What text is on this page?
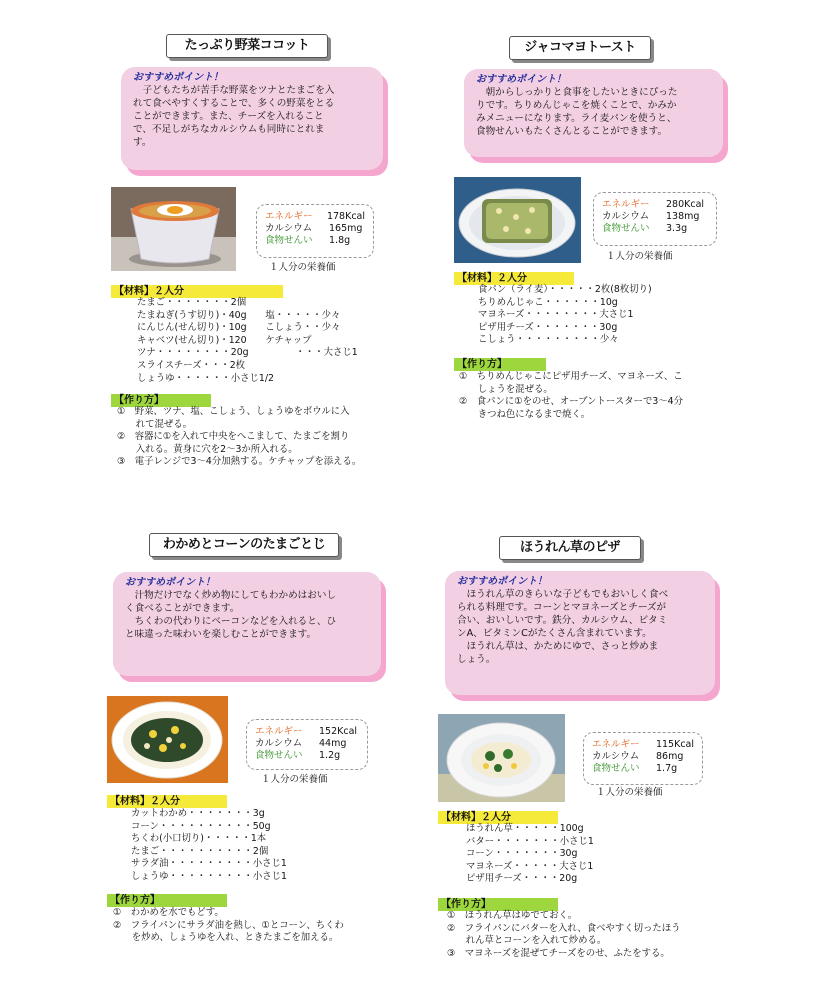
たっぷり野菜ココット
おすすめポイント！
　子どもたちが苦手な野菜をツナとたまごを入
れて食べやすくすることで、多くの野菜をとる
ことができます。また、チーズを入れること
で、不足しがちなカルシウムも同時にとれま
す。
エネルギー	178Kcal
カルシウム	165mg
食物せんい	1.8g
１人分の栄養価
【材料】２人分
たまご・・・・・・・2個
たまねぎ(うす切り)・40g　　塩・・・・・少々
にんじん(せん切り)・10g　　こしょう・・少々
キャベツ(せん切り)・120　　ケチャップ
ツナ・・・・・・・・20g　　　　　・・・大さじ1
スライスチーズ・・・2枚
しょうゆ・・・・・・小さじ1/2
【作り方】
①　野菜、ツナ、塩、こしょう、しょうゆをボウルに入
　　れて混ぜる。
②　容器に①を入れて中央をへこまして、たまごを割り
　　入れる。黄身に穴を2～3か所入れる。
③　電子レンジで3～4分加熱する。ケチャップを添える。
ジャコマヨトースト
おすすめポイント！
　朝からしっかりと食事をしたいときにぴった
りです。ちりめんじゃこを焼くことで、かみか
みメニューになります。ライ麦パンを使うと、
食物せんいもたくさんとることができます。
エネルギー	280Kcal
カルシウム	138mg
食物せんい	3.3g
１人分の栄養価
【材料】２人分
食パン（ライ麦）・・・・・2枚(8枚切り)
ちりめんじゃこ・・・・・・10g
マヨネーズ・・・・・・・・大さじ1
ピザ用チーズ・・・・・・・30g
こしょう・・・・・・・・・少々
【作り方】
①　ちりめんじゃこにピザ用チーズ、マヨネーズ、こ
　　しょうを混ぜる。
②　食パンに①をのせ、オーブントースターで3～4分
　　きつね色になるまで焼く。
わかめとコーンのたまごとじ
おすすめポイント！
　汁物だけでなく炒め物にしてもわかめはおいし
く食べることができます。
　ちくわの代わりにベーコンなどを入れると、ひ
と味違った味わいを楽しむことができます。
エネルギー	152Kcal
カルシウム	44mg
食物せんい	1.2g
１人分の栄養価
【材料】２人分
カットわかめ・・・・・・・3g
コーン・・・・・・・・・・50g
ちくわ(小口切り)・・・・・1本
たまご・・・・・・・・・・2個
サラダ油・・・・・・・・・小さじ1
しょうゆ・・・・・・・・・小さじ1
【作り方】
①　わかめを水でもどす。
②　フライパンにサラダ油を熱し、①とコーン、ちくわ
　　を炒め、しょうゆを入れ、ときたまごを加える。
ほうれん草のピザ
おすすめポイント！
　ほうれん草のきらいな子どもでもおいしく食べ
られる料理です。コーンとマヨネーズとチーズが
合い、おいしいです。鉄分、カルシウム、ビタミ
ンA、ビタミンCがたくさん含まれています。
　ほうれん草は、かためにゆで、さっと炒めま
しょう。
エネルギー	115Kcal
カルシウム	86mg
食物せんい	1.7g
１人分の栄養価
【材料】２人分
ほうれん草・・・・・100g
バター・・・・・・・小さじ1
コーン・・・・・・・30g
マヨネーズ・・・・・大さじ1
ピザ用チーズ・・・・20g
【作り方】
①　ほうれん草はゆでておく。
②　フライパンにバターを入れ、食べやすく切ったほう
　　れん草とコーンを入れて炒める。
③　マヨネーズを混ぜてチーズをのせ、ふたをする。
